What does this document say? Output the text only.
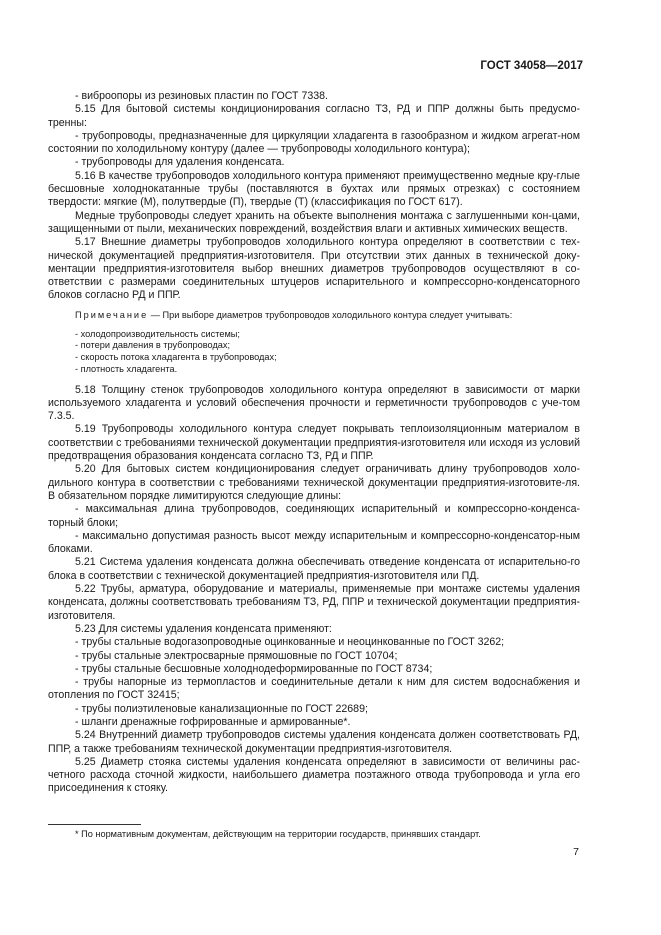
ГОСТ 34058—2017

- виброопоры из резиновых пластин по ГОСТ 7338.

5.15 Для бытовой системы кондиционирования согласно ТЗ, РД и ППР должны быть предусмо-тренны:

- трубопроводы, предназначенные для циркуляции хладагента в газообразном и жидком агрегат-ном состоянии по холодильному контуру (далее — трубопроводы холодильного контура);

- трубопроводы для удаления конденсата.

5.16 В качестве трубопроводов холодильного контура применяют преимущественно медные кру-глые бесшовные холоднокатанные трубы (поставляются в бухтах или прямых отрезках) с состоянием твердости: мягкие (М), полутвердые (П), твердые (Т) (классификация по ГОСТ 617).

Медные трубопроводы следует хранить на объекте выполнения монтажа с заглушенными кон-цами, защищенными от пыли, механических повреждений, воздействия влаги и активных химических веществ.

5.17 Внешние диаметры трубопроводов холодильного контура определяют в соответствии с тех-нической документацией предприятия-изготовителя. При отсутствии этих данных в технической доку-ментации предприятия-изготовителя выбор внешних диаметров трубопроводов осуществляют в со-ответствии с размерами соединительных штуцеров испарительного и компрессорно-конденсаторного блоков согласно РД и ППР.

Примечание — При выборе диаметров трубопроводов холодильного контура следует учитывать:

- холодопроизводительность системы;

- потери давления в трубопроводах;

- скорость потока хладагента в трубопроводах;

- плотность хладагента.

5.18 Толщину стенок трубопроводов холодильного контура определяют в зависимости от марки используемого хладагента и условий обеспечения прочности и герметичности трубопроводов с уче-том 7.3.5.

5.19 Трубопроводы холодильного контура следует покрывать теплоизоляционным материалом в соответствии с требованиями технической документации предприятия-изготовителя или исходя из условий предотвращения образования конденсата согласно ТЗ, РД и ППР.

5.20 Для бытовых систем кондиционирования следует ограничивать длину трубопроводов холо-дильного контура в соответствии с требованиями технической документации предприятия-изготовите-ля. В обязательном порядке лимитируются следующие длины:

- максимальная длина трубопроводов, соединяющих испарительный и компрессорно-конденса-торный блоки;

- максимально допустимая разность высот между испарительным и компрессорно-конденсатор-ным блоками.

5.21 Система удаления конденсата должна обеспечивать отведение конденсата от испарительно-го блока в соответствии с технической документацией предприятия-изготовителя или ПД.

5.22 Трубы, арматура, оборудование и материалы, применяемые при монтаже системы удаления конденсата, должны соответствовать требованиям ТЗ, РД, ППР и технической документации предприятия-изготовителя.

5.23 Для системы удаления конденсата применяют:

- трубы стальные водогазопроводные оцинкованные и неоцинкованные по ГОСТ 3262;

- трубы стальные электросварные прямошовные по ГОСТ 10704;

- трубы стальные бесшовные холоднодеформированные по ГОСТ 8734;

- трубы напорные из термопластов и соединительные детали к ним для систем водоснабжения и отопления по ГОСТ 32415;

- трубы полиэтиленовые канализационные по ГОСТ 22689;

- шланги дренажные гофрированные и армированные*.

5.24 Внутренний диаметр трубопроводов системы удаления конденсата должен соответствовать РД, ППР, а также требованиям технической документации предприятия-изготовителя.

5.25 Диаметр стояка системы удаления конденсата определяют в зависимости от величины рас-четного расхода сточной жидкости, наибольшего диаметра поэтажного отвода трубопровода и угла его присоединения к стояку.

* По нормативным документам, действующим на территории государств, принявших стандарт.
7
